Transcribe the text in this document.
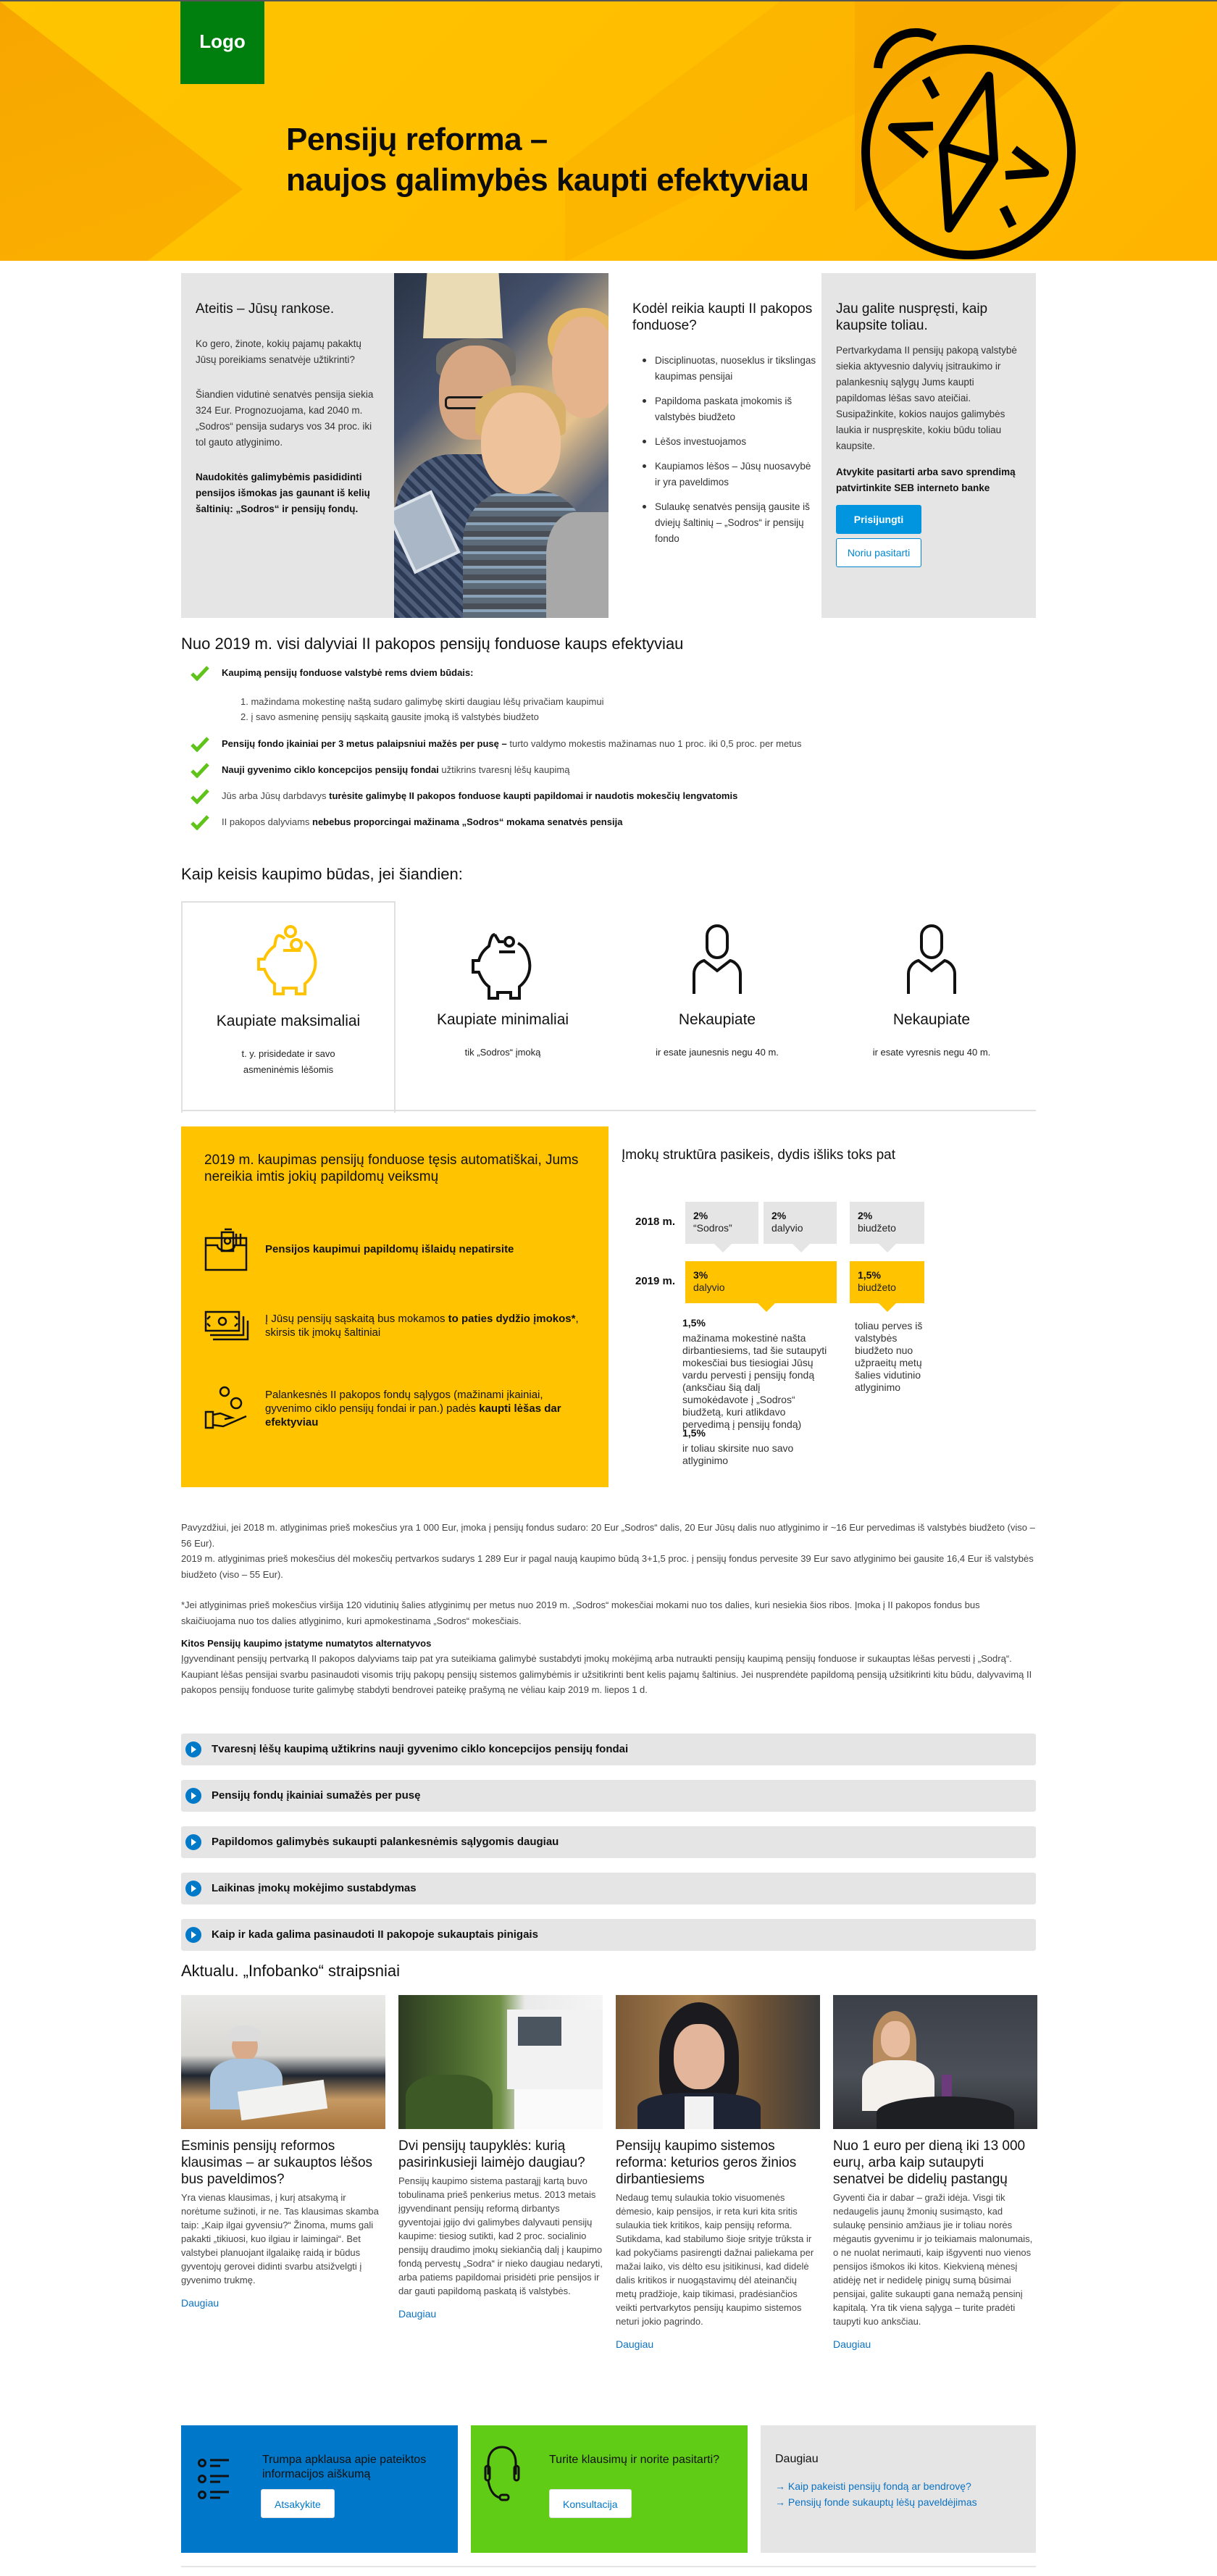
Logo
Pensijų reforma –
naujos galimybės kaupti efektyviau
Ateitis – Jūsų rankose.

Ko gero, žinote, kokių pajamų pakaktų Jūsų poreikiams senatvėje užtikrinti?

Šiandien vidutinė senatvės pensija siekia 324 Eur. Prognozuojama, kad 2040 m. „Sodros“ pensija sudarys vos 34 proc. iki tol gauto atlyginimo.

Naudokitės galimybėmis pasididinti pensijos išmokas jas gaunant iš kelių šaltinių: „Sodros“ ir pensijų fondų.

Kodėl reikia kaupti II pakopos fonduose?
Disciplinuotas, nuoseklus ir tikslingas kaupimas pensijai
Papildoma paskata įmokomis iš valstybės biudžeto
Lėšos investuojamos
Kaupiamos lėšos – Jūsų nuosavybė ir yra paveldimos
Sulaukę senatvės pensiją gausite iš dviejų šaltinių – „Sodros“ ir pensijų fondo
Jau galite nuspręsti, kaip kaupsite toliau.

Pertvarkydama II pensijų pakopą valstybė siekia aktyvesnio dalyvių įsitraukimo ir palankesnių sąlygų Jums kaupti papildomas lėšas savo ateičiai.

Susipažinkite, kokios naujos galimybės laukia ir nuspręskite, kokiu būdu toliau kaupsite.

Atvykite pasitarti arba savo sprendimą patvirtinkite SEB interneto banke

Prisijungti
Noriu pasitarti
Nuo 2019 m. visi dalyviai II pakopos pensijų fonduose kaups efektyviau
Kaupimą pensijų fonduose valstybė rems dviem būdais:
1. mažindama mokestinę naštą sudaro galimybę skirti daugiau lėšų privačiam kaupimui
2. į savo asmeninę pensijų sąskaitą gausite įmoką iš valstybės biudžeto
Pensijų fondo įkainiai per 3 metus palaipsniui mažės per pusę – turto valdymo mokestis mažinamas nuo 1 proc. iki 0,5 proc. per metus
Nauji gyvenimo ciklo koncepcijos pensijų fondai užtikrins tvaresnį lėšų kaupimą
Jūs arba Jūsų darbdavys turėsite galimybę II pakopos fonduose kaupti papildomai ir naudotis mokesčių lengvatomis
II pakopos dalyviams nebebus proporcingai mažinama „Sodros“ mokama senatvės pensija
Kaip keisis kaupimo būdas, jei šiandien:
Kaupiate maksimaliai

t. y. prisidedate ir savo asmeninėmis lėšomis

Kaupiate minimaliai

tik „Sodros“ įmoką

Nekaupiate

ir esate jaunesnis negu 40 m.

Nekaupiate

ir esate vyresnis negu 40 m.

2019 m. kaupimas pensijų fonduose tęsis automatiškai, Jums nereikia imtis jokių papildomų veiksmų

Pensijos kaupimui papildomų išlaidų nepatirsite

Į Jūsų pensijų sąskaitą bus mokamos to paties dydžio įmokos*, skirsis tik įmokų šaltiniai

Palankesnės II pakopos fondų sąlygos (mažinami įkainiai, gyvenimo ciklo pensijų fondai ir pan.) padės kaupti lėšas dar efektyviau

Įmokų struktūra pasikeis, dydis išliks toks pat
2018 m.
2019 m.
2%
“Sodros”
2%
dalyvio
2%
biudžeto
3%
dalyvio
1,5%
biudžeto
1,5%
mažinama mokestinė našta dirbantiesiems, tad šie sutaupyti mokesčiai bus tiesiogiai Jūsų vardu pervesti į pensijų fondą (anksčiau šią dalį sumokėdavote į „Sodros“ biudžetą, kuri atlikdavo pervedimą į pensijų fondą)
1,5%
ir toliau skirsite nuo savo atlyginimo
toliau perves iš valstybės biudžeto nuo užpraeitų metų šalies vidutinio atlyginimo

Pavyzdžiui, jei 2018 m. atlyginimas prieš mokesčius yra 1 000 Eur, įmoka į pensijų fondus sudaro: 20 Eur „Sodros“ dalis, 20 Eur Jūsų dalis nuo atlyginimo ir ~16 Eur pervedimas iš valstybės biudžeto (viso – 56 Eur).

2019 m. atlyginimas prieš mokesčius dėl mokesčių pertvarkos sudarys 1 289 Eur ir pagal naują kaupimo būdą 3+1,5 proc. į pensijų fondus pervesite 39 Eur savo atlyginimo bei gausite 16,4 Eur iš valstybės biudžeto (viso – 55 Eur).

*Jei atlyginimas prieš mokesčius viršija 120 vidutinių šalies atlyginimų per metus nuo 2019 m. „Sodros“ mokesčiai mokami nuo tos dalies, kuri nesiekia šios ribos. Įmoka į II pakopos fondus bus skaičiuojama nuo tos dalies atlyginimo, kuri apmokestinama „Sodros“ mokesčiais.

Kitos Pensijų kaupimo įstatyme numatytos alternatyvos

Įgyvendinant pensijų pertvarką II pakopos dalyviams taip pat yra suteikiama galimybė sustabdyti įmokų mokėjimą arba nutraukti pensijų kaupimą pensijų fonduose ir sukauptas lėšas pervesti į „Sodrą“. Kaupiant lėšas pensijai svarbu pasinaudoti visomis trijų pakopų pensijų sistemos galimybėmis ir užsitikrinti bent kelis pajamų šaltinius. Jei nusprendėte papildomą pensiją užsitikrinti kitu būdu, dalyvavimą II pakopos pensijų fonduose turite galimybę stabdyti bendrovei pateikę prašymą ne vėliau kaip 2019 m. liepos 1 d.

Tvaresnį lėšų kaupimą užtikrins nauji gyvenimo ciklo koncepcijos pensijų fondai
Pensijų fondų įkainiai sumažės per pusę
Papildomos galimybės sukaupti palankesnėmis sąlygomis daugiau
Laikinas įmokų mokėjimo sustabdymas
Kaip ir kada galima pasinaudoti II pakopoje sukauptais pinigais
Aktualu. „Infobanko“ straipsniai
Esminis pensijų reformos klausimas – ar sukauptos lėšos bus paveldimos?

Yra vienas klausimas, į kurį atsakymą ir norėtume sužinoti, ir ne. Tas klausimas skamba taip: „Kaip ilgai gyvensiu?“ Žinoma, mums gali pakakti „tikiuosi, kuo ilgiau ir laimingai“. Bet valstybei planuojant ilgalaikę raidą ir būdus gyventojų gerovei didinti svarbu atsižvelgti į gyvenimo trukmę.

Daugiau
Dvi pensijų taupyklės: kurią pasirinkusieji laimėjo daugiau?

Pensijų kaupimo sistema pastarąjį kartą buvo tobulinama prieš penkerius metus. 2013 metais įgyvendinant pensijų reformą dirbantys gyventojai įgijo dvi galimybes dalyvauti pensijų kaupime: tiesiog sutikti, kad 2 proc. socialinio pensijų draudimo įmokų siekiančią dalį į kaupimo fondą pervestų „Sodra“ ir nieko daugiau nedaryti, arba patiems papildomai prisidėti prie pensijos ir dar gauti papildomą paskatą iš valstybės.

Daugiau
Pensijų kaupimo sistemos reforma: keturios geros žinios dirbantiesiems

Nedaug temų sulaukia tokio visuomenės dėmesio, kaip pensijos, ir reta kuri kita sritis sulaukia tiek kritikos, kaip pensijų reforma. Sutikdama, kad stabilumo šioje srityje trūksta ir kad pokyčiams pasirengti dažnai paliekama per mažai laiko, vis dėlto esu įsitikinusi, kad didelė dalis kritikos ir nuogąstavimų dėl ateinančių metų pradžioje, kaip tikimasi, pradėsiančios veikti pertvarkytos pensijų kaupimo sistemos neturi jokio pagrindo.

Daugiau
Nuo 1 euro per dieną iki 13 000 eurų, arba kaip sutaupyti senatvei be didelių pastangų

Gyventi čia ir dabar – graži idėja. Visgi tik nedaugelis jaunų žmonių susimąsto, kad sulaukę pensinio amžiaus jie ir toliau norės mėgautis gyvenimu ir jo teikiamais malonumais, o ne nuolat nerimauti, kaip išgyventi nuo vienos pensijos išmokos iki kitos. Kiekvieną mėnesį atidėję net ir nedidelę pinigų sumą būsimai pensijai, galite sukaupti gana nemažą pensinį kapitalą. Yra tik viena sąlyga – turite pradėti taupyti kuo anksčiau.

Daugiau

Trumpa apklausa apie pateiktos informacijos aiškumą

Atsakykite

Turite klausimų ir norite pasitarti?

Konsultacija
Daugiau
→ Kaip pakeisti pensijų fondą ar bendrovę?
→ Pensijų fonde sukauptų lėšų paveldėjimas
